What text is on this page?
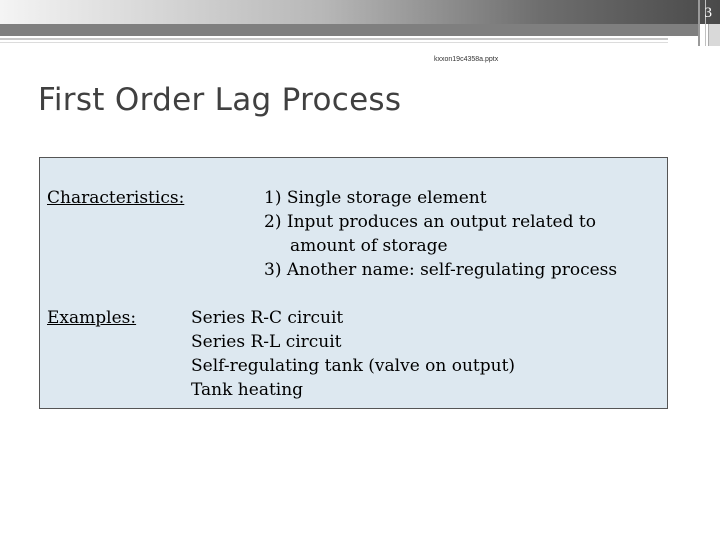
3
kxxon19c4358a.pptx
First Order Lag Process
Characteristics:	1) Single storage element
2) Input produces an output related to
amount of storage
3) Another name: self-regulating process
Examples:	Series R-C circuit
Series R-L circuit
Self-regulating tank (valve on output)
Tank heating
